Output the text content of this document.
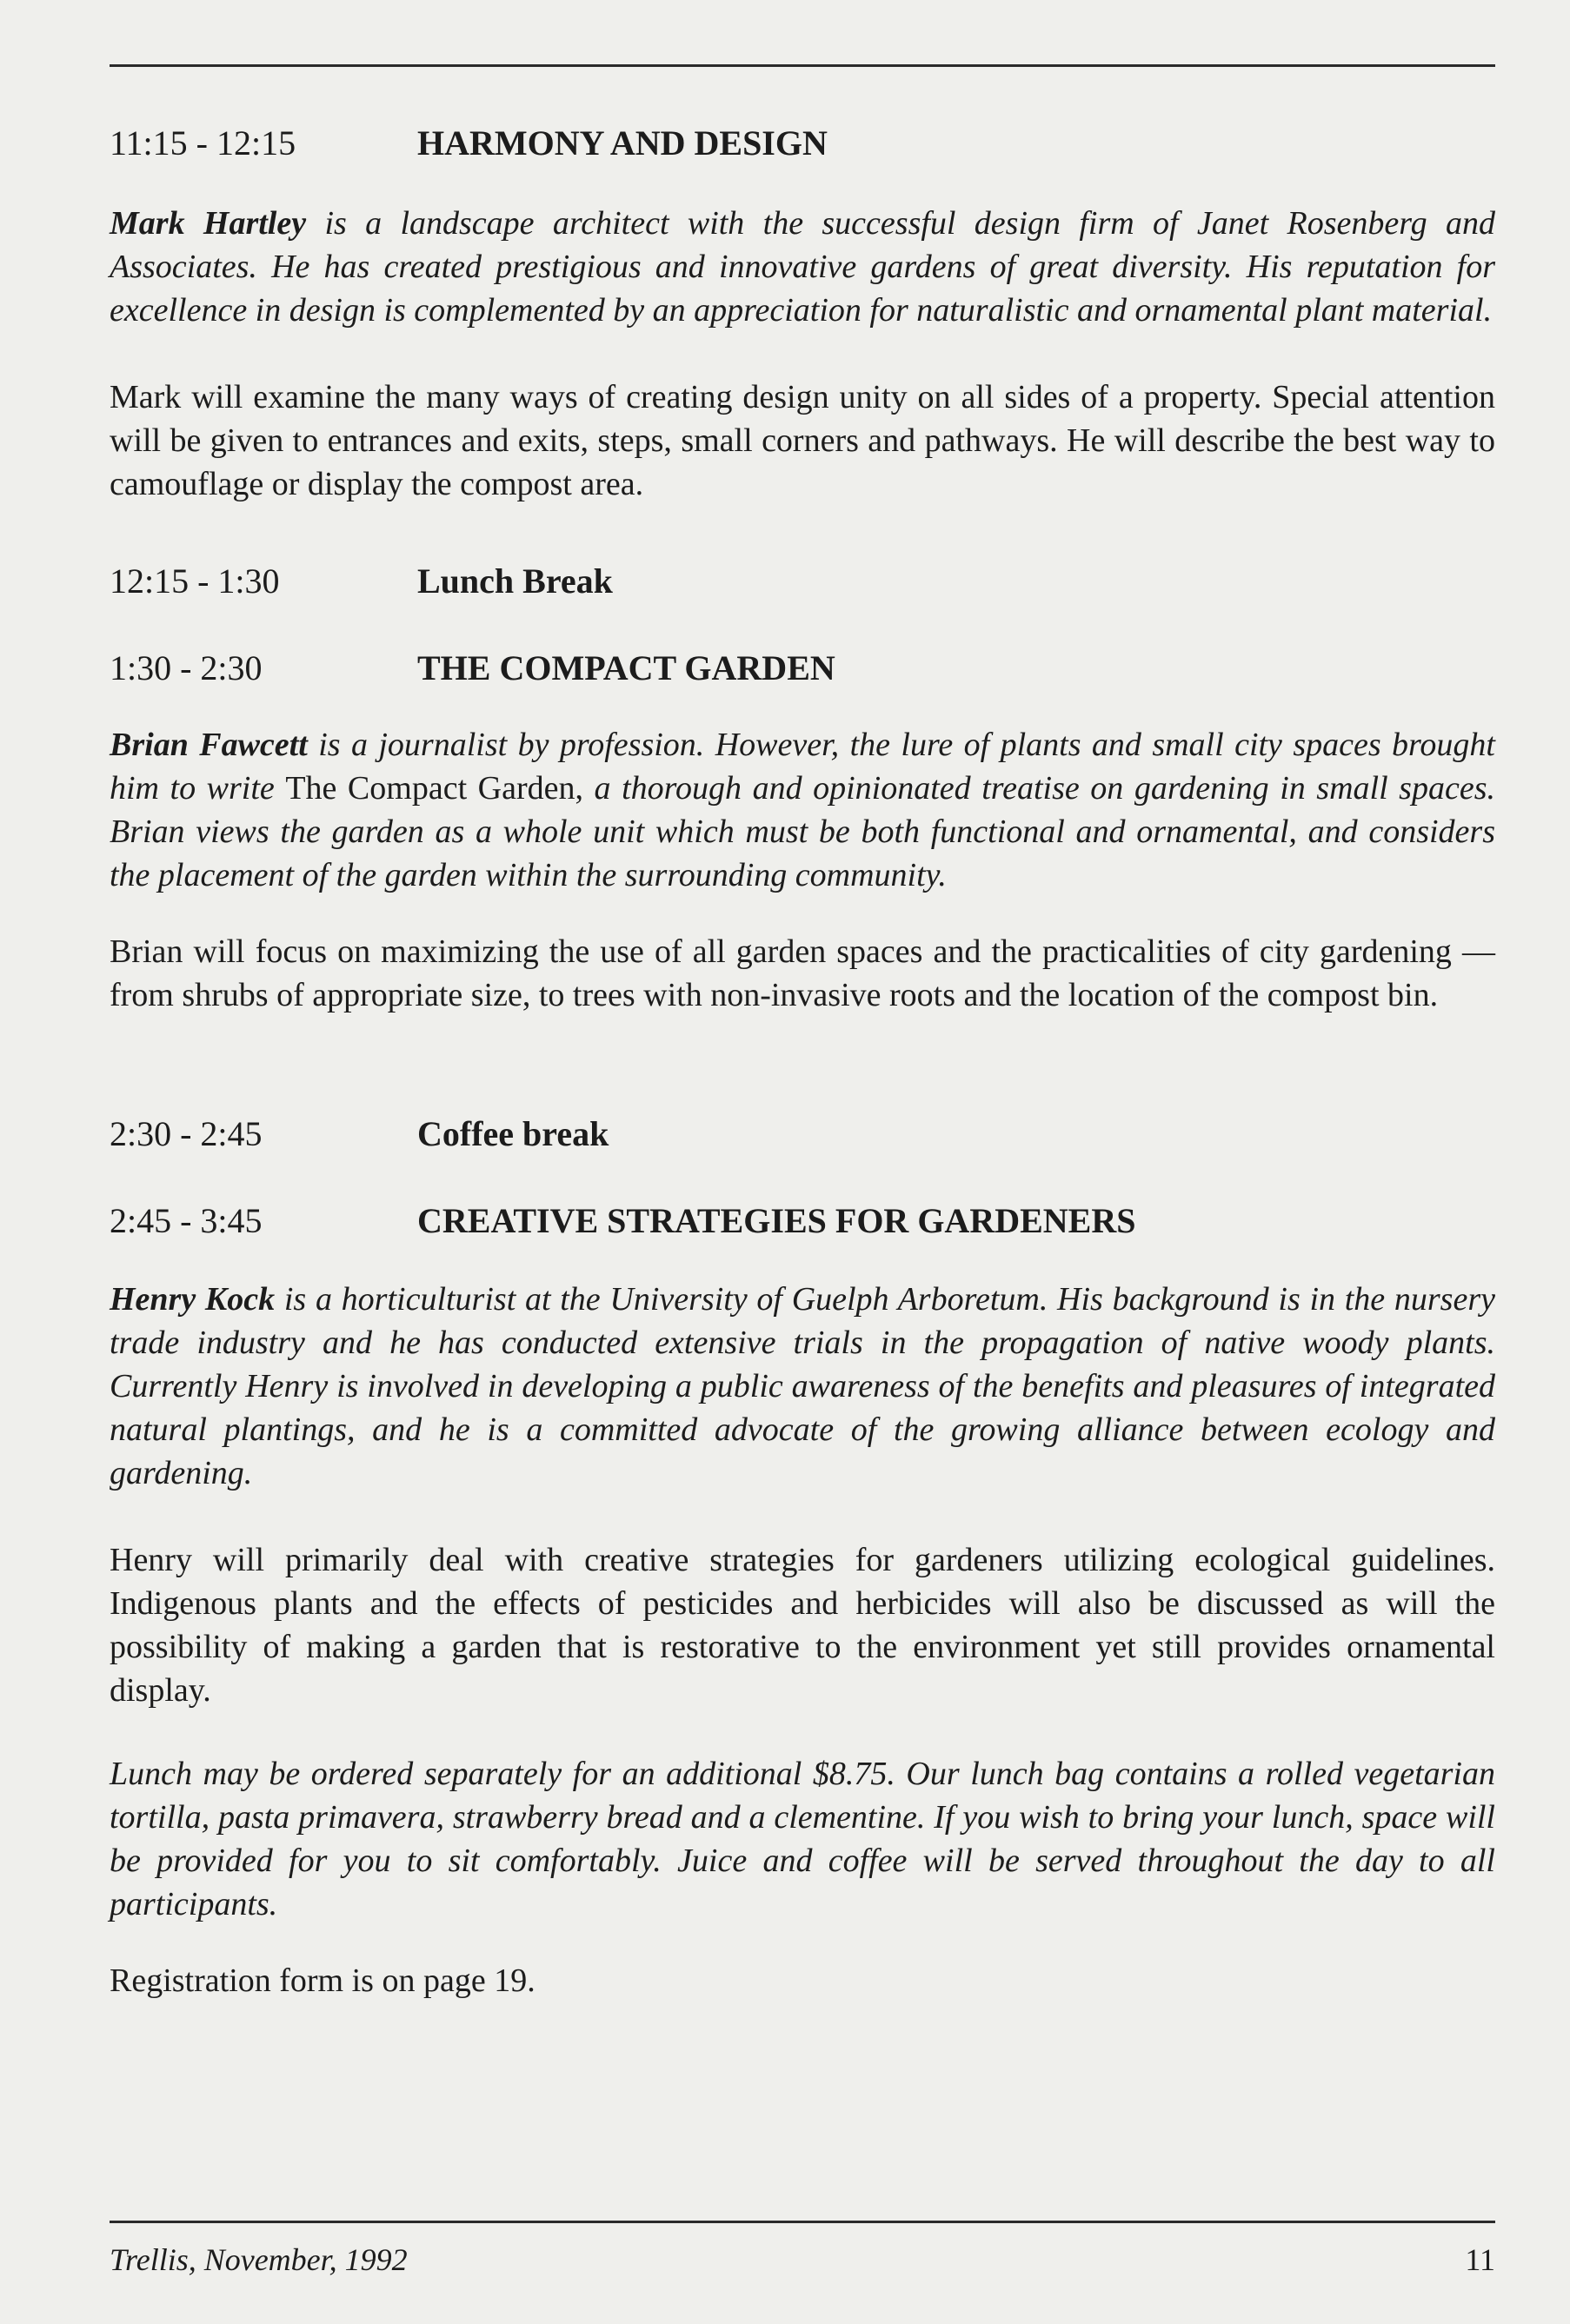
11:15 - 12:15	HARMONY AND DESIGN

Mark Hartley is a landscape architect with the successful design firm of Janet Rosenberg and Associates. He has created prestigious and innovative gardens of great diversity. His reputation for excellence in design is complemented by an appreciation for naturalistic and ornamental plant material.

Mark will examine the many ways of creating design unity on all sides of a property. Special attention will be given to entrances and exits, steps, small corners and pathways. He will describe the best way to camouflage or display the compost area.

12:15 - 1:30	Lunch Break
1:30 - 2:30	THE COMPACT GARDEN

Brian Fawcett is a journalist by profession. However, the lure of plants and small city spaces brought him to write The Compact Garden, a thorough and opinionated treatise on gardening in small spaces. Brian views the garden as a whole unit which must be both functional and ornamental, and considers the placement of the garden within the surrounding community.

Brian will focus on maximizing the use of all garden spaces and the practicalities of city gardening — from shrubs of appropriate size, to trees with non-invasive roots and the location of the compost bin.

2:30 - 2:45	Coffee break
2:45 - 3:45	CREATIVE STRATEGIES FOR GARDENERS

Henry Kock is a horticulturist at the University of Guelph Arboretum. His background is in the nursery trade industry and he has conducted extensive trials in the propagation of native woody plants. Currently Henry is involved in developing a public awareness of the benefits and pleasures of integrated natural plantings, and he is a committed advocate of the growing alliance between ecology and gardening.

Henry will primarily deal with creative strategies for gardeners utilizing ecological guidelines. Indigenous plants and the effects of pesticides and herbicides will also be discussed as will the possibility of making a garden that is restorative to the environment yet still provides ornamental display.

Lunch may be ordered separately for an additional $8.75. Our lunch bag contains a rolled vegetarian tortilla, pasta primavera, strawberry bread and a clementine. If you wish to bring your lunch, space will be provided for you to sit comfortably. Juice and coffee will be served throughout the day to all participants.

Registration form is on page 19.

Trellis, November, 1992	11
